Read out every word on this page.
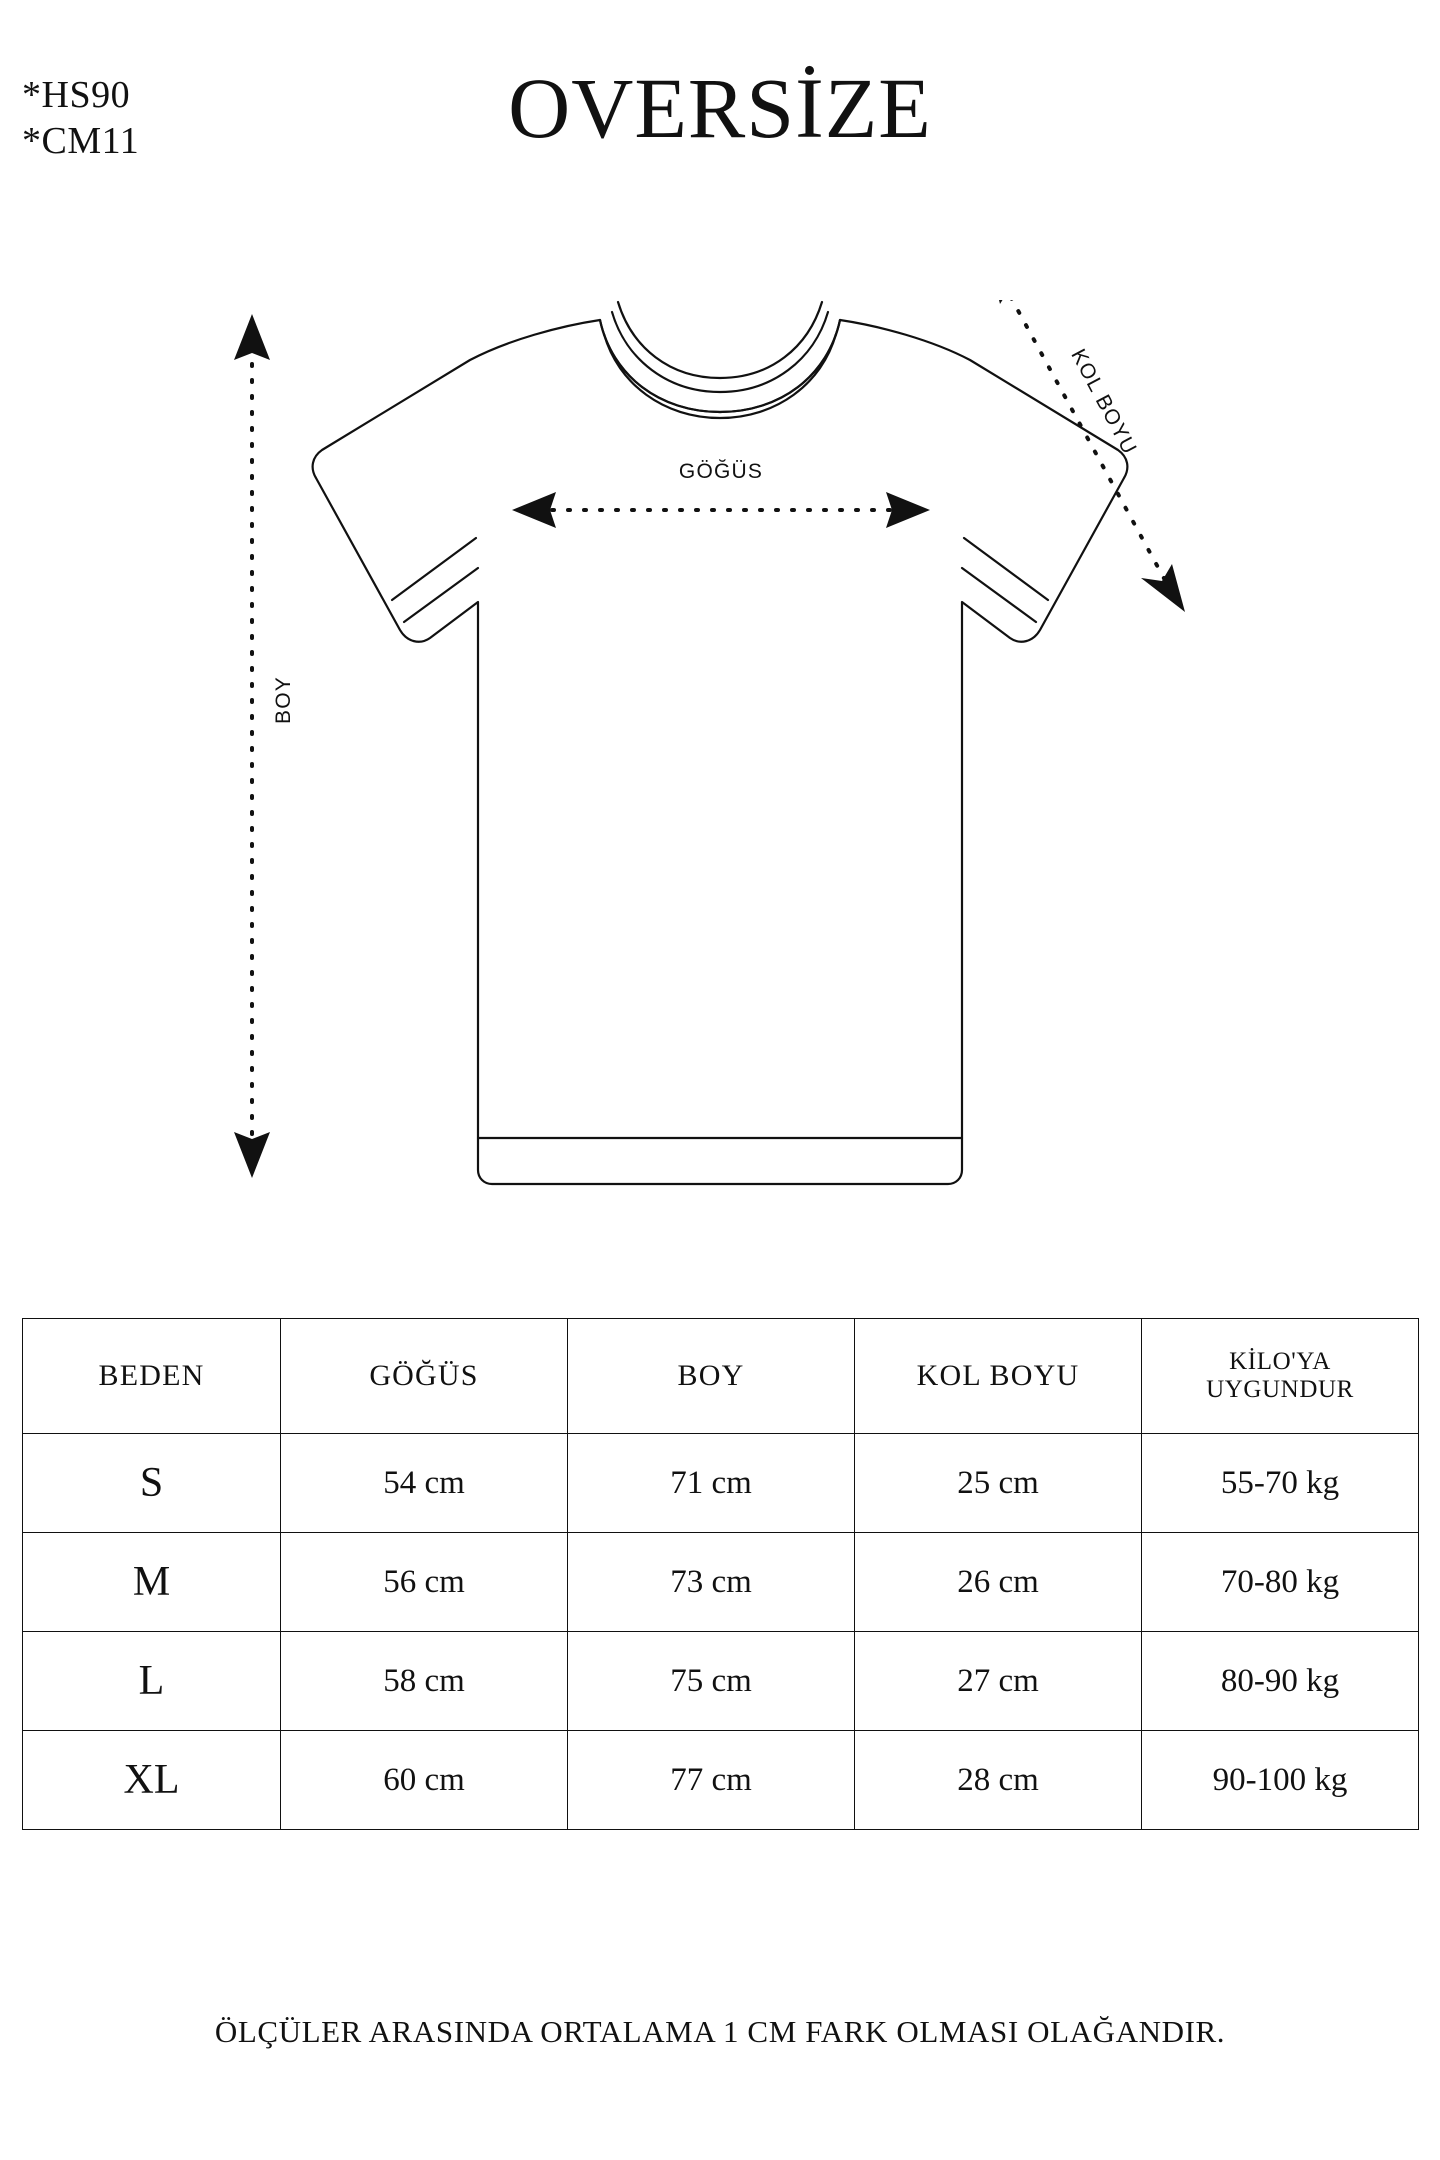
*HS90
*CM11	OVERSİZE
GÖĞÜS
BOY
KOL BOYU
BEDEN	GÖĞÜS	BOY	KOL BOYU	KİLO'YA
UYGUNDUR

S	54 cm	71 cm	25 cm	55-70 kg
M	56 cm	73 cm	26 cm	70-80 kg
L	58 cm	75 cm	27 cm	80-90 kg
XL	60 cm	77 cm	28 cm	90-100 kg
ÖLÇÜLER ARASINDA ORTALAMA 1 CM FARK OLMASI OLAĞANDIR.
